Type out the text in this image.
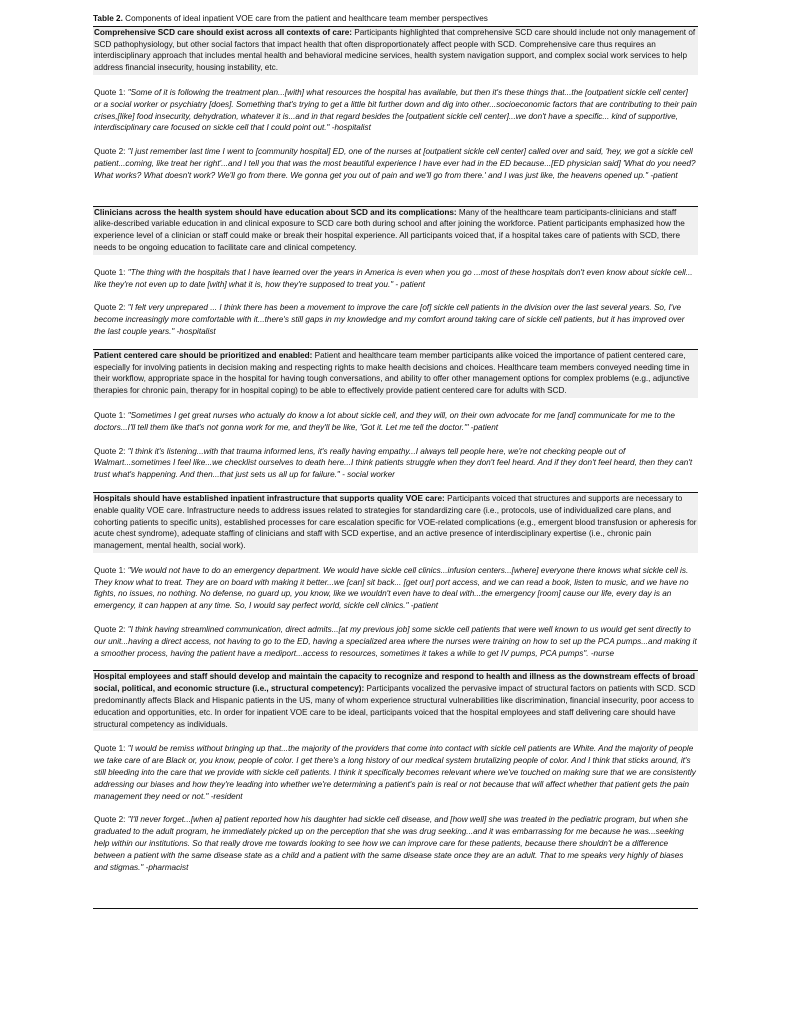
Table 2. Components of ideal inpatient VOE care from the patient and healthcare team member perspectives
Comprehensive SCD care should exist across all contexts of care: Participants highlighted that comprehensive SCD care should include not only management of SCD pathophysiology, but other social factors that impact health that often disproportionately affect people with SCD. Comprehensive care thus requires an interdisciplinary approach that includes mental health and behavioral medicine services, health system navigation support, and complex social work services to help address financial insecurity, housing instability, etc.
Quote 1: "Some of it is following the treatment plan...[with] what resources the hospital has available, but then it's these things that...the [outpatient sickle cell center] or a social worker or psychiatry [does]. Something that's trying to get a little bit further down and dig into other...socioeconomic factors that are contributing to their pain crises,[like] food insecurity, dehydration, whatever it is...and in that regard besides the [outpatient sickle cell center]...we don't have a specific... kind of supportive, interdisciplinary care focused on sickle cell that I could point out." -hospitalist
Quote 2: "I just remember last time I went to [community hospital] ED, one of the nurses at [outpatient sickle cell center] called over and said, 'hey, we got a sickle cell patient...coming, like treat her right'...and I tell you that was the most beautiful experience I have ever had in the ED because...[ED physician said] 'What do you need? What works? What doesn't work? We'll go from there. We gonna get you out of pain and we'll go from there.' and I was just like, the heavens opened up." -patient
Clinicians across the health system should have education about SCD and its complications: Many of the healthcare team participants-clinicians and staff alike-described variable education in and clinical exposure to SCD care both during school and after joining the workforce. Patient participants emphasized how the experience level of a clinician or staff could make or break their hospital experience. All participants voiced that, if a hospital takes care of patients with SCD, there needs to be ongoing education to facilitate care and clinical competency.
Quote 1: "The thing with the hospitals that I have learned over the years in America is even when you go ...most of these hospitals don't even know about sickle cell... like they're not even up to date [with] what it is, how they're supposed to treat you." - patient
Quote 2: "I felt very unprepared ... I think there has been a movement to improve the care [of] sickle cell patients in the division over the last several years. So, I've become increasingly more comfortable with it...there's still gaps in my knowledge and my comfort around taking care of sickle cell patients, but it has improved over the last couple years." -hospitalist
Patient centered care should be prioritized and enabled: Patient and healthcare team member participants alike voiced the importance of patient centered care, especially for involving patients in decision making and respecting rights to make health decisions and choices. Healthcare team members conveyed needing time in their workflow, appropriate space in the hospital for having tough conversations, and ability to offer other management options for complex problems (e.g., adjunctive therapies for chronic pain, therapy for in hospital coping) to be able to effectively provide patient centered care for adults with SCD.
Quote 1: "Sometimes I get great nurses who actually do know a lot about sickle cell, and they will, on their own advocate for me [and] communicate for me to the doctors...I'll tell them like that's not gonna work for me, and they'll be like, 'Got it. Let me tell the doctor.'" -patient
Quote 2: "I think it's listening...with that trauma informed lens, it's really having empathy...I always tell people here, we're not checking people out of Walmart...sometimes I feel like...we checklist ourselves to death here...I think patients struggle when they don't feel heard. And if they don't feel heard, then they can't trust what's happening. And then...that just sets us all up for failure." - social worker
Hospitals should have established inpatient infrastructure that supports quality VOE care: Participants voiced that structures and supports are necessary to enable quality VOE care. Infrastructure needs to address issues related to strategies for standardizing care (i.e., protocols, use of individualized care plans, and cohorting patients to specific units), established processes for care escalation specific for VOE-related complications (e.g., emergent blood transfusion or apheresis for acute chest syndrome), adequate staffing of clinicians and staff with SCD expertise, and an active presence of interdisciplinary expertise (i.e., chronic pain management, mental health, social work).
Quote 1: "We would not have to do an emergency department. We would have sickle cell clinics...infusion centers...[where] everyone there knows what sickle cell is. They know what to treat. They are on board with making it better...we [can] sit back... [get our] port access, and we can read a book, listen to music, and we have no fights, no issues, no nothing. No defense, no guard up, you know, like we wouldn't even have to deal with...the emergency [room] cause our life, every day is an emergency, it can happen at any time. So, I would say perfect world, sickle cell clinics." -patient
Quote 2: "I think having streamlined communication, direct admits...[at my previous job] some sickle cell patients that were well known to us would get sent directly to our unit...having a direct access, not having to go to the ED, having a specialized area where the nurses were training on how to set up the PCA pumps...and making it a smoother process, having the patient have a mediport...access to resources, sometimes it takes a while to get IV pumps, PCA pumps". -nurse
Hospital employees and staff should develop and maintain the capacity to recognize and respond to health and illness as the downstream effects of broad social, political, and economic structure (i.e., structural competency): Participants vocalized the pervasive impact of structural factors on patients with SCD. SCD predominantly affects Black and Hispanic patients in the US, many of whom experience structural vulnerabilities like discrimination, financial insecurity, poor access to education and opportunities, etc. In order for inpatient VOE care to be ideal, participants voiced that the hospital employees and staff delivering care should have structural competency as individuals.
Quote 1: "I would be remiss without bringing up that...the majority of the providers that come into contact with sickle cell patients are White. And the majority of people we take care of are Black or, you know, people of color. I get there's a long history of our medical system brutalizing people of color. And I think that sticks around, it's still bleeding into the care that we provide with sickle cell patients. I think it specifically becomes relevant where we've touched on making sure that we are consistently addressing our biases and how they're leading into whether we're determining a patient's pain is real or not because that will affect whether that patient gets the pain management they need or not." -resident
Quote 2: "I'll never forget...[when a] patient reported how his daughter had sickle cell disease, and [how well] she was treated in the pediatric program, but when she graduated to the adult program, he immediately picked up on the perception that she was drug seeking...and it was embarrassing for me because he was...seeking help within our institutions. So that really drove me towards looking to see how we can improve care for these patients, because there shouldn't be a difference between a patient with the same disease state as a child and a patient with the same disease state once they are an adult. That to me speaks very highly of biases and stigmas." -pharmacist
